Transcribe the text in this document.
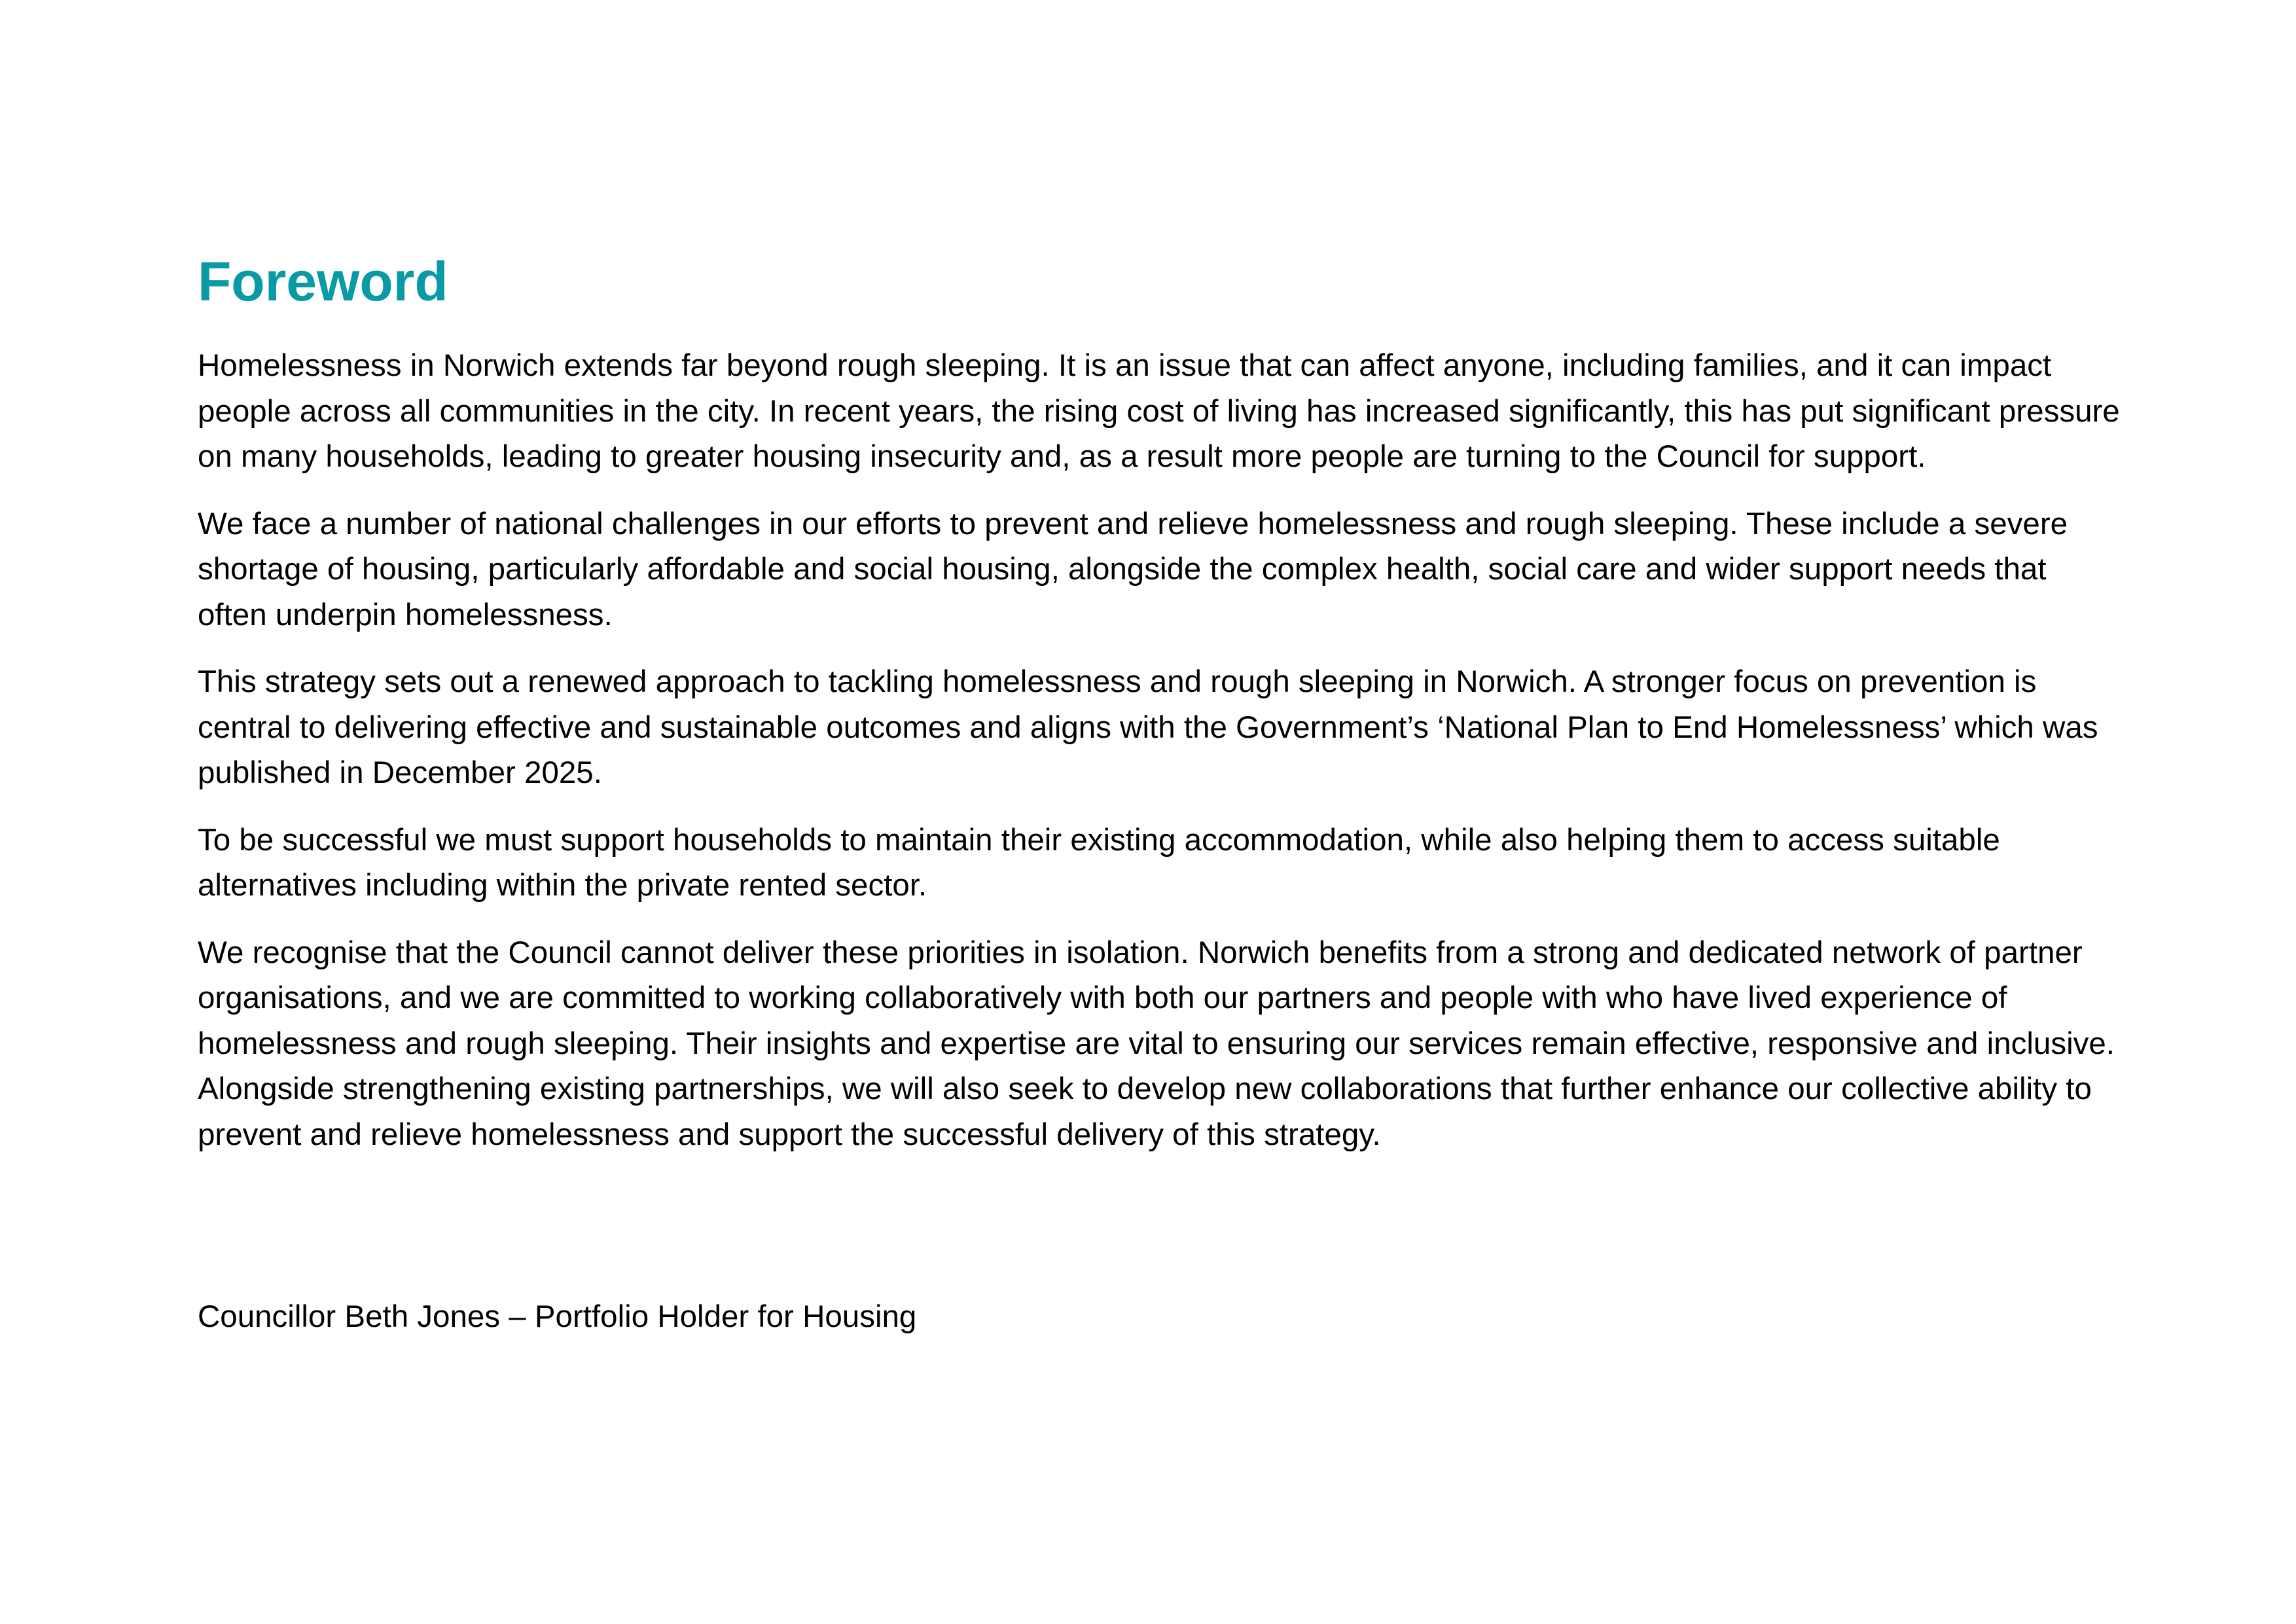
Foreword

Homelessness in Norwich extends far beyond rough sleeping. It is an issue that can affect anyone, including families, and it can impact people across all communities in the city. In recent years, the rising cost of living has increased significantly, this has put significant pressure on many households, leading to greater housing insecurity and, as a result more people are turning to the Council for support.

We face a number of national challenges in our efforts to prevent and relieve homelessness and rough sleeping. These include a severe shortage of housing, particularly affordable and social housing, alongside the complex health, social care and wider support needs that often underpin homelessness.

This strategy sets out a renewed approach to tackling homelessness and rough sleeping in Norwich. A stronger focus on prevention is central to delivering effective and sustainable outcomes and aligns with the Government’s ‘National Plan to End Homelessness’ which was published in December 2025.

To be successful we must support households to maintain their existing accommodation, while also helping them to access suitable alternatives including within the private rented sector.

We recognise that the Council cannot deliver these priorities in isolation. Norwich benefits from a strong and dedicated network of partner organisations, and we are committed to working collaboratively with both our partners and people with who have lived experience of homelessness and rough sleeping. Their insights and expertise are vital to ensuring our services remain effective, responsive and inclusive. Alongside strengthening existing partnerships, we will also seek to develop new collaborations that further enhance our collective ability to prevent and relieve homelessness and support the successful delivery of this strategy.

Councillor Beth Jones – Portfolio Holder for Housing
